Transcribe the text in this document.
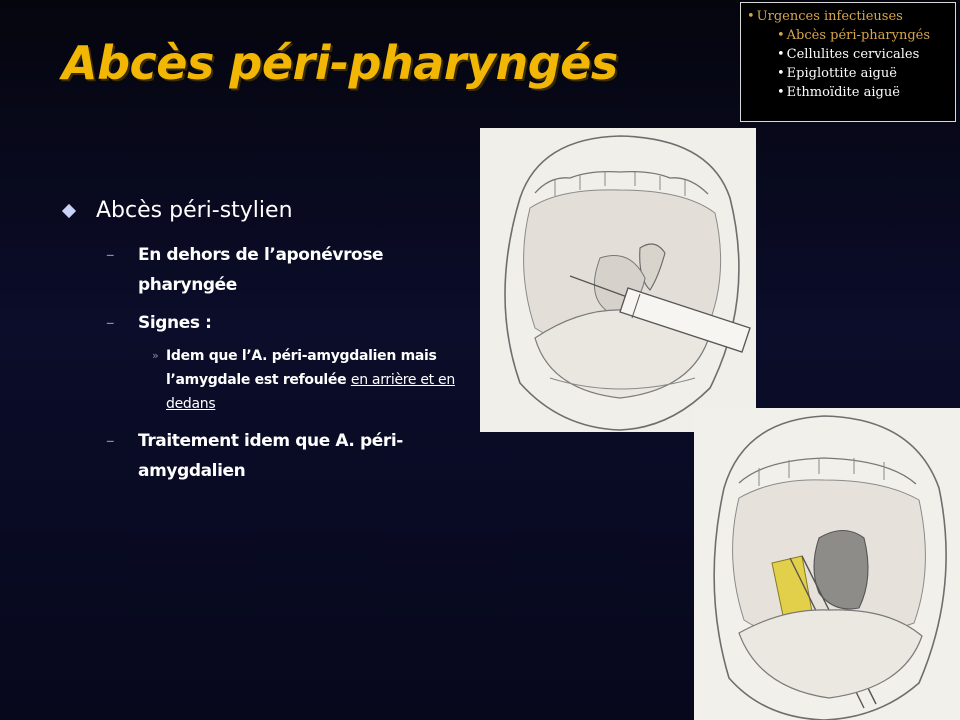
Abcès péri-pharyngés
• Urgences infectieuses
• Abcès péri-pharyngés
• Cellulites cervicales
• Epiglottite aiguë
• Ethmoïdite aiguë
Abcès péri-stylien
– En dehors de l’aponévrose pharyngée
– Signes :
» Idem que l’A. péri-amygdalien mais l’amygdale est refoulée en arrière et en dedans
– Traitement idem que A. péri-amygdalien
